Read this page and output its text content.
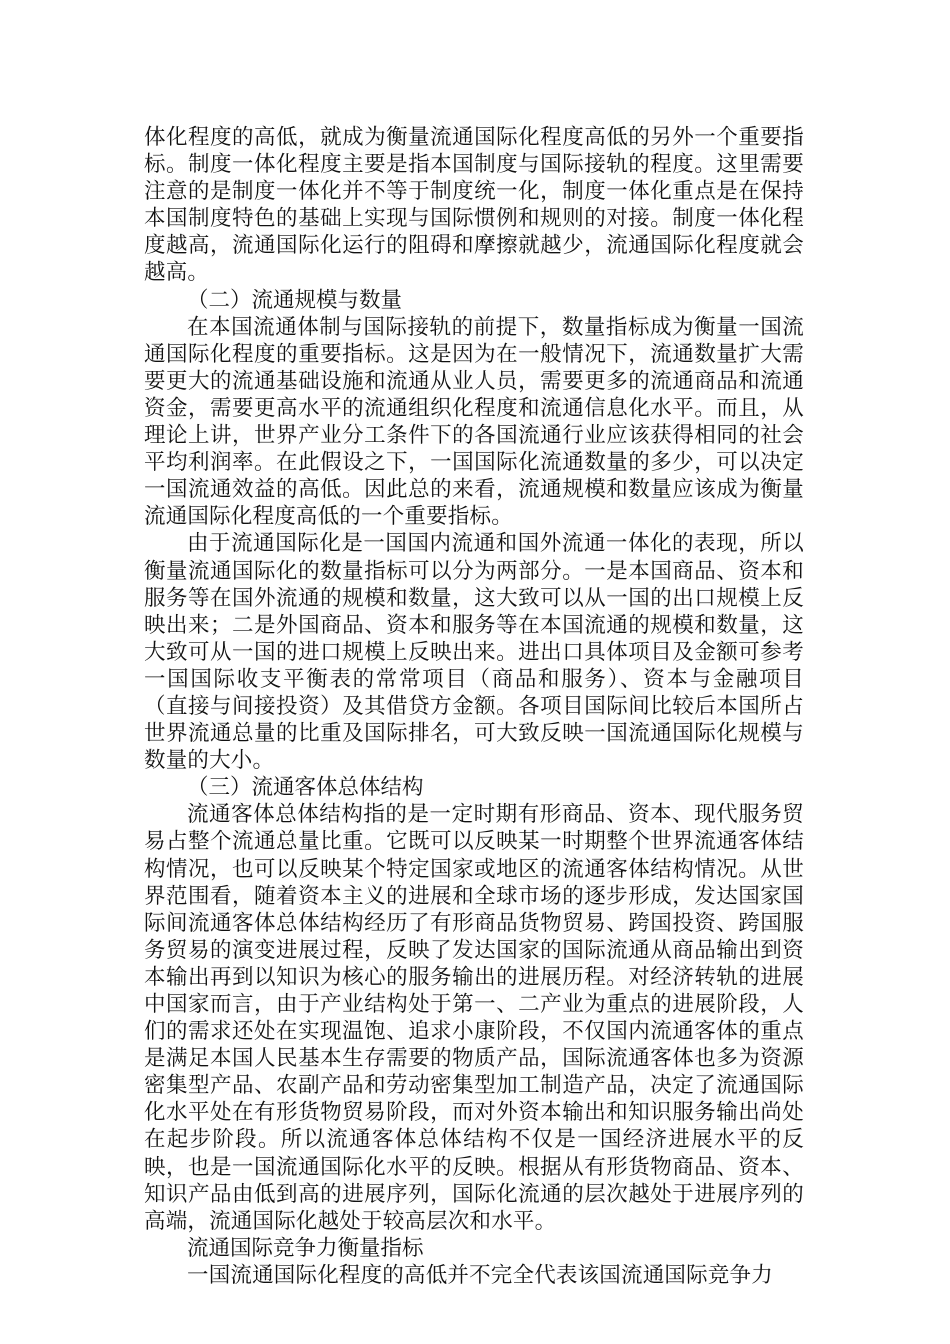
体化程度的高低，就成为衡量流通国际化程度高低的另外一个重要指标。制度一体化程度主要是指本国制度与国际接轨的程度。这里需要注意的是制度一体化并不等于制度统一化，制度一体化重点是在保持本国制度特色的基础上实现与国际惯例和规则的对接。制度一体化程度越高，流通国际化运行的阻碍和摩擦就越少，流通国际化程度就会越高。

（二）流通规模与数量

在本国流通体制与国际接轨的前提下，数量指标成为衡量一国流通国际化程度的重要指标。这是因为在一般情况下，流通数量扩大需要更大的流通基础设施和流通从业人员，需要更多的流通商品和流通资金，需要更高水平的流通组织化程度和流通信息化水平。而且，从理论上讲，世界产业分工条件下的各国流通行业应该获得相同的社会平均利润率。在此假设之下，一国国际化流通数量的多少，可以决定一国流通效益的高低。因此总的来看，流通规模和数量应该成为衡量流通国际化程度高低的一个重要指标。

由于流通国际化是一国国内流通和国外流通一体化的表现，所以衡量流通国际化的数量指标可以分为两部分。一是本国商品、资本和服务等在国外流通的规模和数量，这大致可以从一国的出口规模上反映出来；二是外国商品、资本和服务等在本国流通的规模和数量，这大致可从一国的进口规模上反映出来。进出口具体项目及金额可参考一国国际收支平衡表的常常项目（商品和服务）、资本与金融项目（直接与间接投资）及其借贷方金额。各项目国际间比较后本国所占世界流通总量的比重及国际排名，可大致反映一国流通国际化规模与数量的大小。

（三）流通客体总体结构

流通客体总体结构指的是一定时期有形商品、资本、现代服务贸易占整个流通总量比重。它既可以反映某一时期整个世界流通客体结构情况，也可以反映某个特定国家或地区的流通客体结构情况。从世界范围看，随着资本主义的进展和全球市场的逐步形成，发达国家国际间流通客体总体结构经历了有形商品货物贸易、跨国投资、跨国服务贸易的演变进展过程，反映了发达国家的国际流通从商品输出到资本输出再到以知识为核心的服务输出的进展历程。对经济转轨的进展中国家而言，由于产业结构处于第一、二产业为重点的进展阶段，人们的需求还处在实现温饱、追求小康阶段，不仅国内流通客体的重点是满足本国人民基本生存需要的物质产品，国际流通客体也多为资源密集型产品、农副产品和劳动密集型加工制造产品，决定了流通国际化水平处在有形货物贸易阶段，而对外资本输出和知识服务输出尚处在起步阶段。所以流通客体总体结构不仅是一国经济进展水平的反映，也是一国流通国际化水平的反映。根据从有形货物商品、资本、知识产品由低到高的进展序列，国际化流通的层次越处于进展序列的高端，流通国际化越处于较高层次和水平。

流通国际竞争力衡量指标

一国流通国际化程度的高低并不完全代表该国流通国际竞争力
